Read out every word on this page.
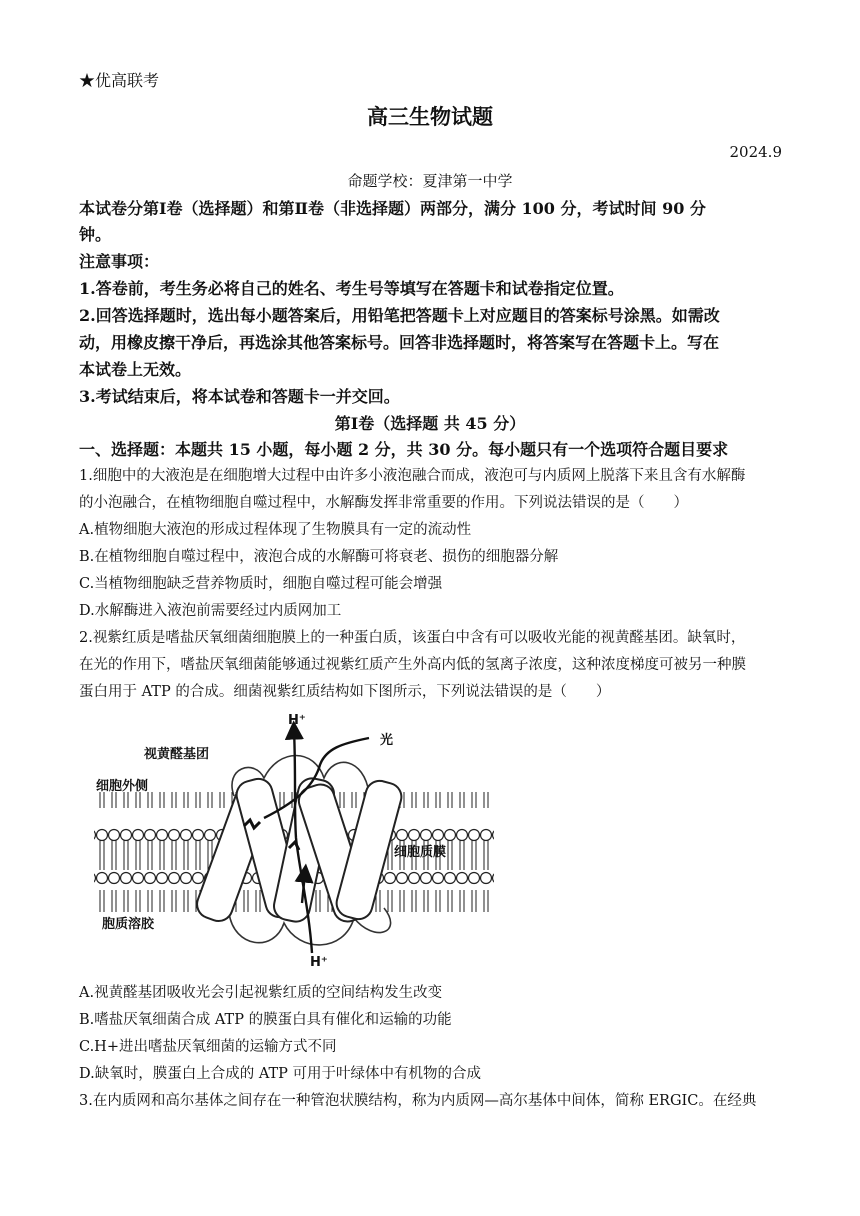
★优高联考
高三生物试题
2024.9
命题学校：夏津第一中学
本试卷分第Ⅰ卷（选择题）和第Ⅱ卷（非选择题）两部分，满分 100 分，考试时间 90 分
钟。
注意事项：
1.答卷前，考生务必将自己的姓名、考生号等填写在答题卡和试卷指定位置。
2.回答选择题时，选出每小题答案后，用铅笔把答题卡上对应题目的答案标号涂黑。如需改
动，用橡皮擦干净后，再选涂其他答案标号。回答非选择题时，将答案写在答题卡上。写在
本试卷上无效。
3.考试结束后，将本试卷和答题卡一并交回。
第Ⅰ卷（选择题 共 45 分）
一、选择题：本题共 15 小题，每小题 2 分，共 30 分。每小题只有一个选项符合题目要求
1.细胞中的大液泡是在细胞增大过程中由许多小液泡融合而成，液泡可与内质网上脱落下来且含有水解酶
的小泡融合，在植物细胞自噬过程中，水解酶发挥非常重要的作用。下列说法错误的是（　　）
A.植物细胞大液泡的形成过程体现了生物膜具有一定的流动性
B.在植物细胞自噬过程中，液泡合成的水解酶可将衰老、损伤的细胞器分解
C.当植物细胞缺乏营养物质时，细胞自噬过程可能会增强
D.水解酶进入液泡前需要经过内质网加工
2.视紫红质是嗜盐厌氧细菌细胞膜上的一种蛋白质，该蛋白中含有可以吸收光能的视黄醛基团。缺氧时，
在光的作用下，嗜盐厌氧细菌能够通过视紫红质产生外高内低的氢离子浓度，这种浓度梯度可被另一种膜
蛋白用于 ATP 的合成。细菌视紫红质结构如下图所示，下列说法错误的是（　　）
H⁺
光
视黄醛基团
细胞外侧
细胞质膜
胞质溶胶
H⁺
A.视黄醛基团吸收光会引起视紫红质的空间结构发生改变
B.嗜盐厌氧细菌合成 ATP 的膜蛋白具有催化和运输的功能
C.H+进出嗜盐厌氧细菌的运输方式不同
D.缺氧时，膜蛋白上合成的 ATP 可用于叶绿体中有机物的合成
3.在内质网和高尔基体之间存在一种管泡状膜结构，称为内质网—高尔基体中间体，简称 ERGIC。在经典
